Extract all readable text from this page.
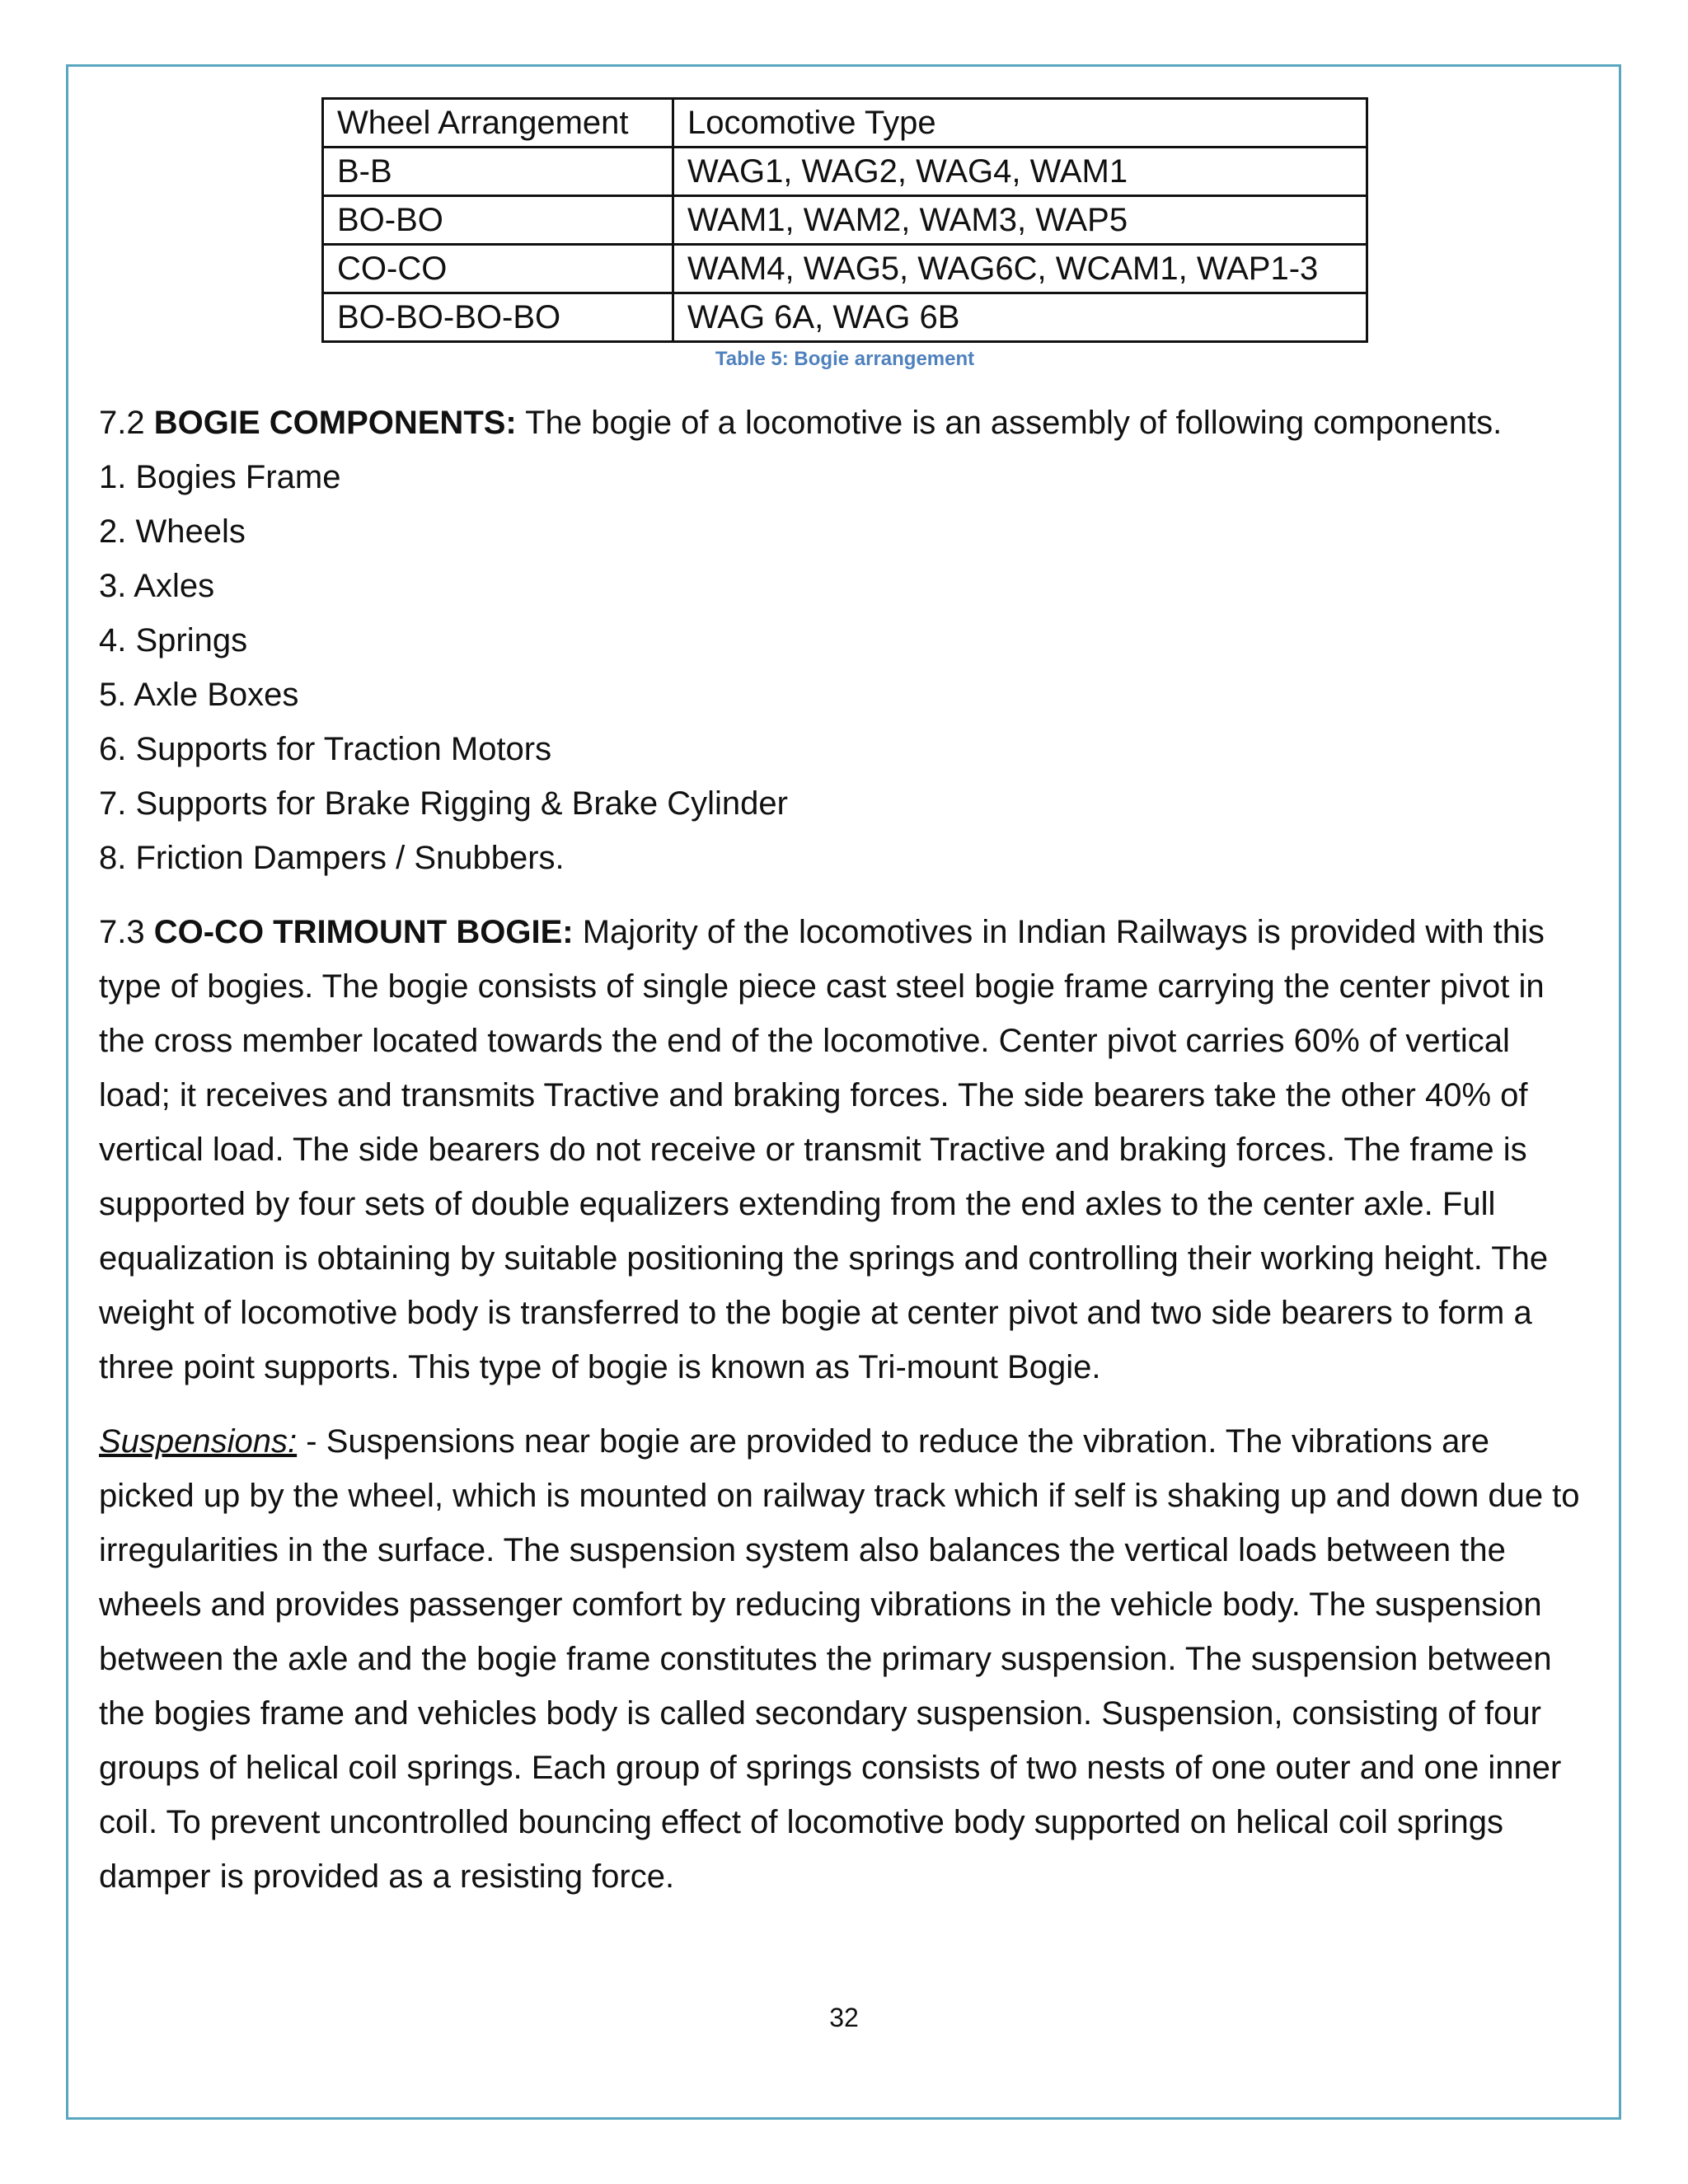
Wheel Arrangement	Locomotive Type
B-B	WAG1, WAG2, WAG4, WAM1
BO-BO	WAM1, WAM2, WAM3, WAP5
CO-CO	WAM4, WAG5, WAG6C, WCAM1, WAP1-3
BO-BO-BO-BO	WAG 6A, WAG 6B
Table 5: Bogie arrangement
7.2 BOGIE COMPONENTS: The bogie of a locomotive is an assembly of following components.
1. Bogies Frame
2. Wheels
3. Axles
4. Springs
5. Axle Boxes
6. Supports for Traction Motors
7. Supports for Brake Rigging & Brake Cylinder
8. Friction Dampers / Snubbers.
7.3 CO-CO TRIMOUNT BOGIE: Majority of the locomotives in Indian Railways is provided with this type of bogies. The bogie consists of single piece cast steel bogie frame carrying the center pivot in the cross member located towards the end of the locomotive. Center pivot carries 60% of vertical load; it receives and transmits Tractive and braking forces. The side bearers take the other 40% of vertical load. The side bearers do not receive or transmit Tractive and braking forces. The frame is supported by four sets of double equalizers extending from the end axles to the center axle. Full equalization is obtaining by suitable positioning the springs and controlling their working height. The weight of locomotive body is transferred to the bogie at center pivot and two side bearers to form a three point supports. This type of bogie is known as Tri-mount Bogie.
Suspensions: - Suspensions near bogie are provided to reduce the vibration. The vibrations are picked up by the wheel, which is mounted on railway track which if self is shaking up and down due to irregularities in the surface. The suspension system also balances the vertical loads between the wheels and provides passenger comfort by reducing vibrations in the vehicle body. The suspension between the axle and the bogie frame constitutes the primary suspension. The suspension between the bogies frame and vehicles body is called secondary suspension. Suspension, consisting of four groups of helical coil springs. Each group of springs consists of two nests of one outer and one inner coil. To prevent uncontrolled bouncing effect of locomotive body supported on helical coil springs damper is provided as a resisting force.
32
